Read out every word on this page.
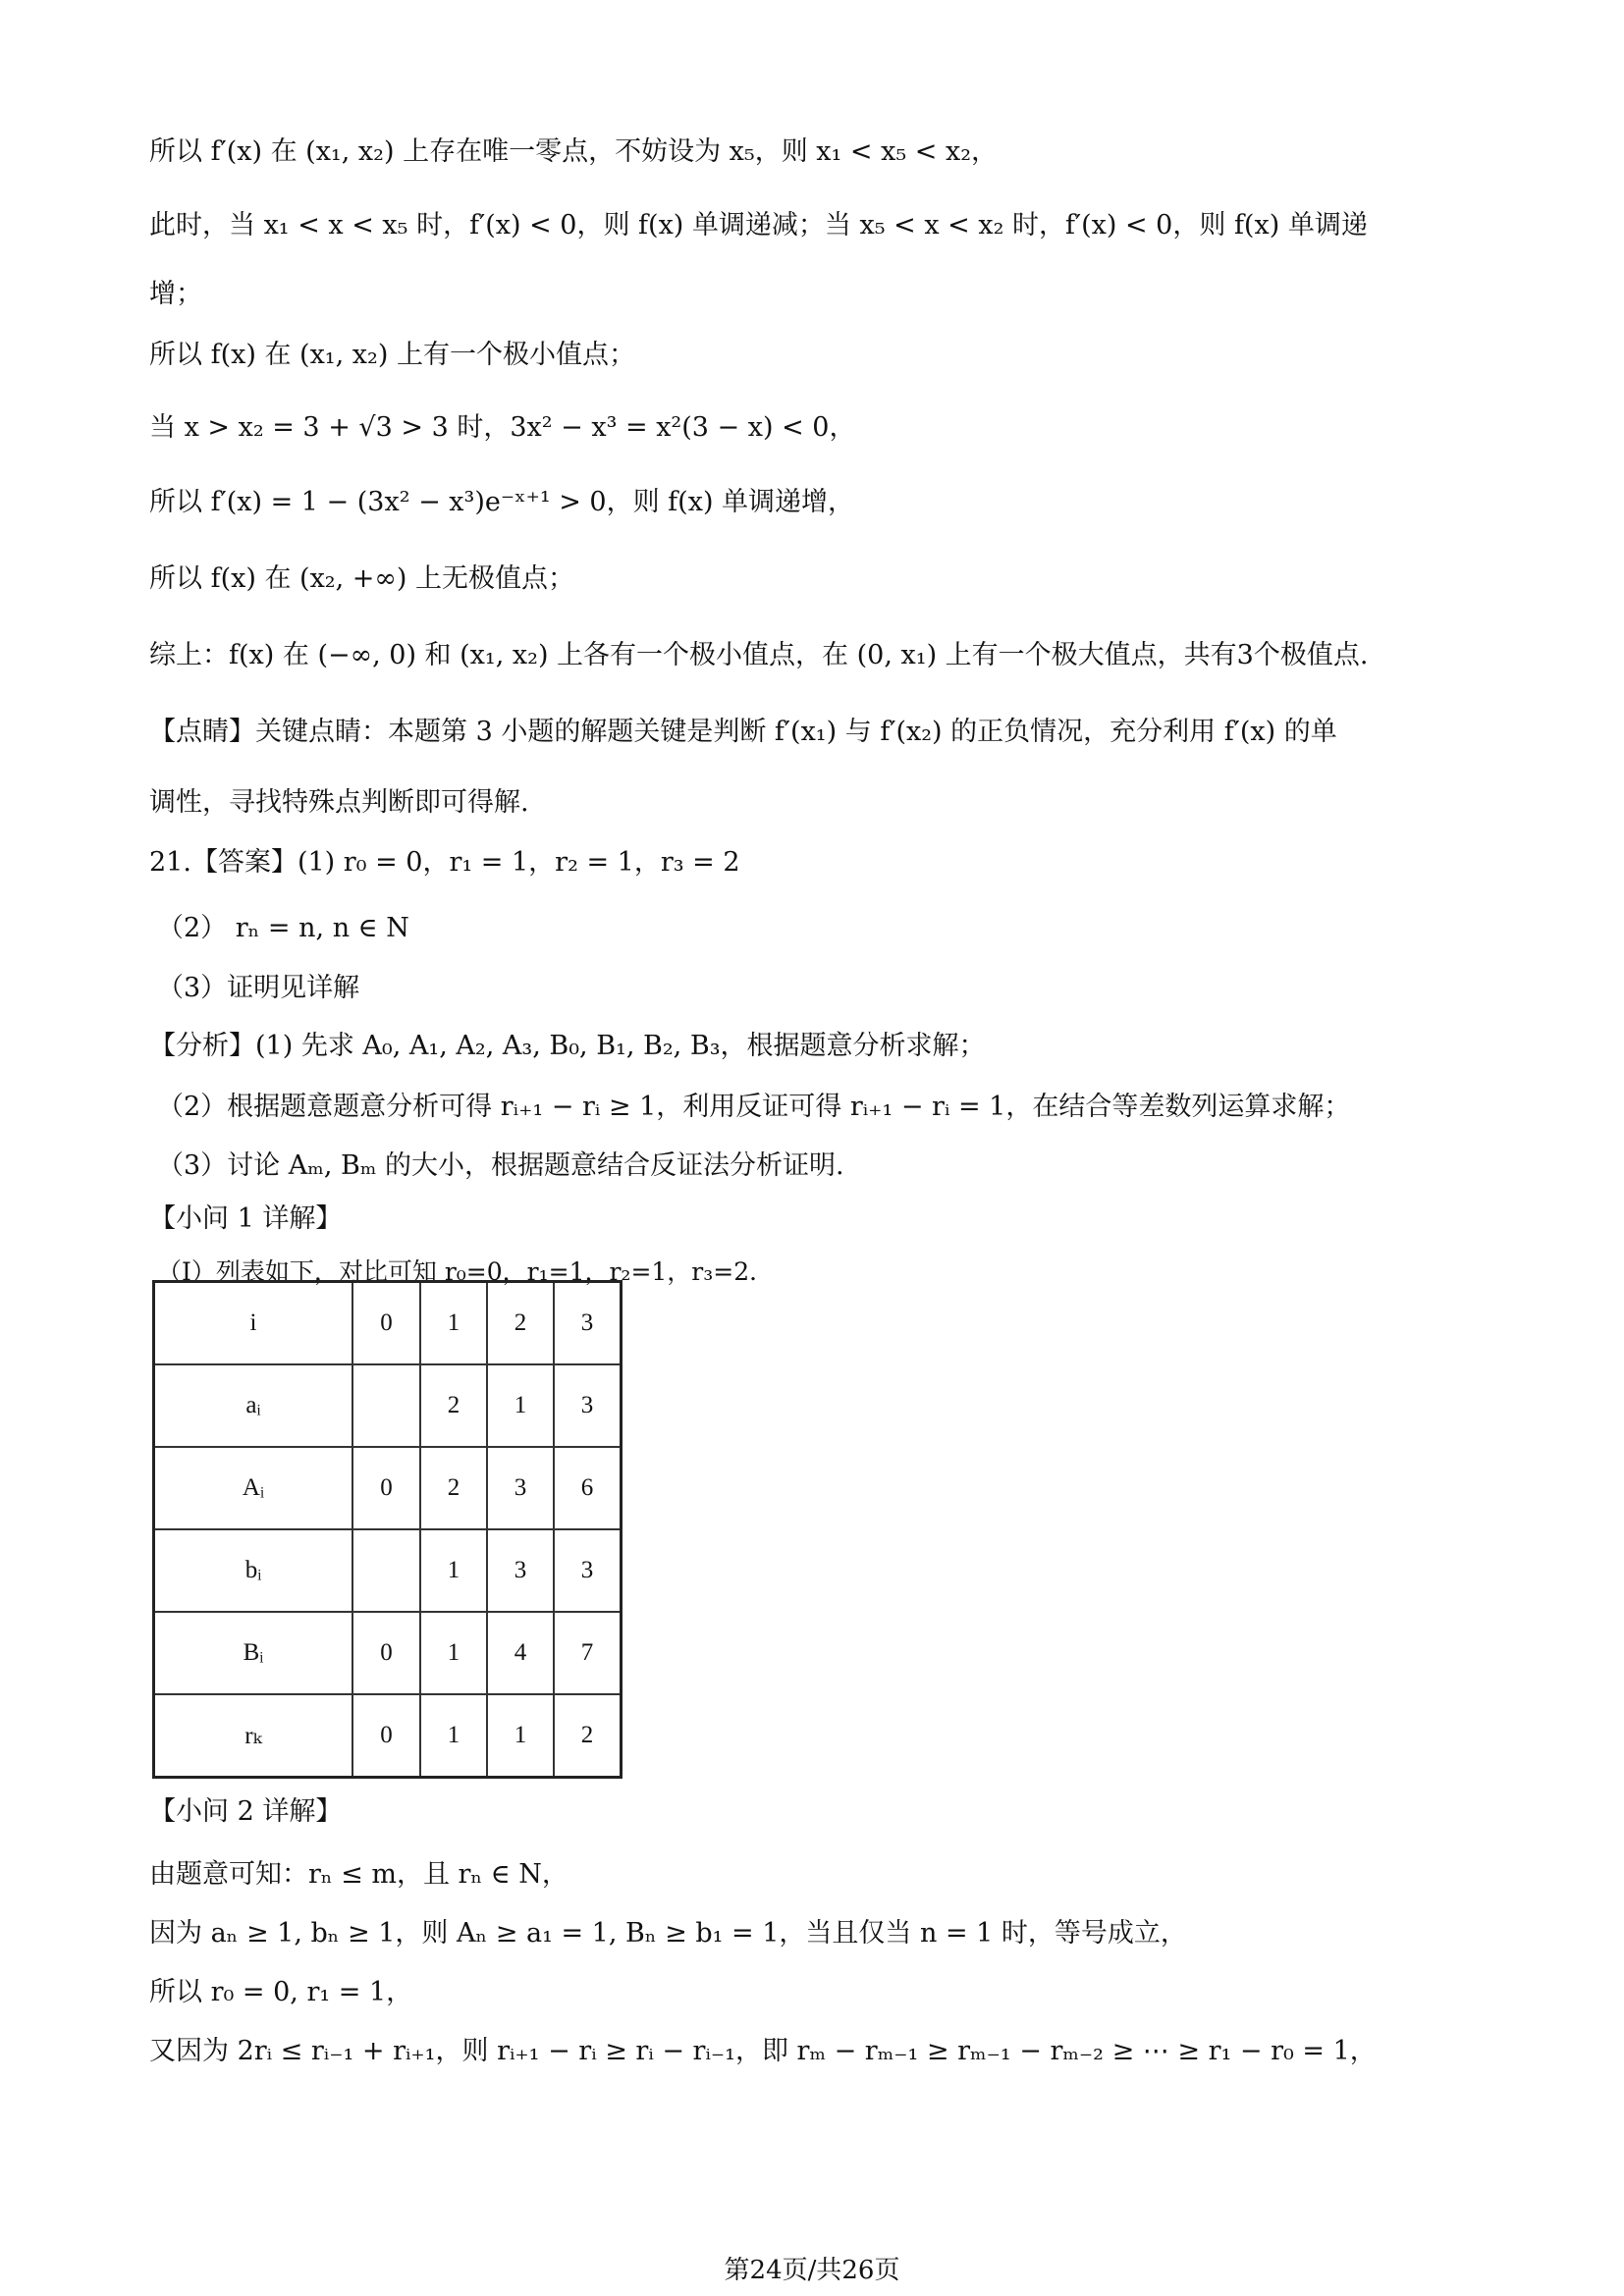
所以 f′(x) 在 (x₁, x₂) 上存在唯一零点，不妨设为 x₅，则 x₁ < x₅ < x₂，
此时，当 x₁ < x < x₅ 时，f′(x) < 0，则 f(x) 单调递减；当 x₅ < x < x₂ 时，f′(x) < 0，则 f(x) 单调递
增；
所以 f(x) 在 (x₁, x₂) 上有一个极小值点；
当 x > x₂ = 3 + √3 > 3 时，3x² − x³ = x²(3 − x) < 0，
所以 f′(x) = 1 − (3x² − x³)e⁻ˣ⁺¹ > 0，则 f(x) 单调递增，
所以 f(x) 在 (x₂, +∞) 上无极值点；
综上：f(x) 在 (−∞, 0) 和 (x₁, x₂) 上各有一个极小值点，在 (0, x₁) 上有一个极大值点，共有3个极值点.
【点睛】关键点睛：本题第 3 小题的解题关键是判断 f′(x₁) 与 f′(x₂) 的正负情况，充分利用 f′(x) 的单
调性，寻找特殊点判断即可得解.
21.【答案】(1) r₀ = 0，r₁ = 1，r₂ = 1，r₃ = 2
（2） rₙ = n, n ∈ N
（3）证明见详解
【分析】(1) 先求 A₀, A₁, A₂, A₃, B₀, B₁, B₂, B₃，根据题意分析求解；
（2）根据题意题意分析可得 rᵢ₊₁ − rᵢ ≥ 1，利用反证可得 rᵢ₊₁ − rᵢ = 1，在结合等差数列运算求解；
（3）讨论 Aₘ, Bₘ 的大小，根据题意结合反证法分析证明.
【小问 1 详解】
（I）列表如下，对比可知 r₀=0，r₁=1，r₂=1，r₃=2．
i	0	1	2	3
aᵢ		2	1	3
Aᵢ	0	2	3	6
bᵢ		1	3	3
Bᵢ	0	1	4	7
rₖ	0	1	1	2
【小问 2 详解】
由题意可知：rₙ ≤ m，且 rₙ ∈ N，
因为 aₙ ≥ 1, bₙ ≥ 1，则 Aₙ ≥ a₁ = 1, Bₙ ≥ b₁ = 1，当且仅当 n = 1 时，等号成立，
所以 r₀ = 0, r₁ = 1，
又因为 2rᵢ ≤ rᵢ₋₁ + rᵢ₊₁，则 rᵢ₊₁ − rᵢ ≥ rᵢ − rᵢ₋₁，即 rₘ − rₘ₋₁ ≥ rₘ₋₁ − rₘ₋₂ ≥ ⋯ ≥ r₁ − r₀ = 1，
第24页/共26页
